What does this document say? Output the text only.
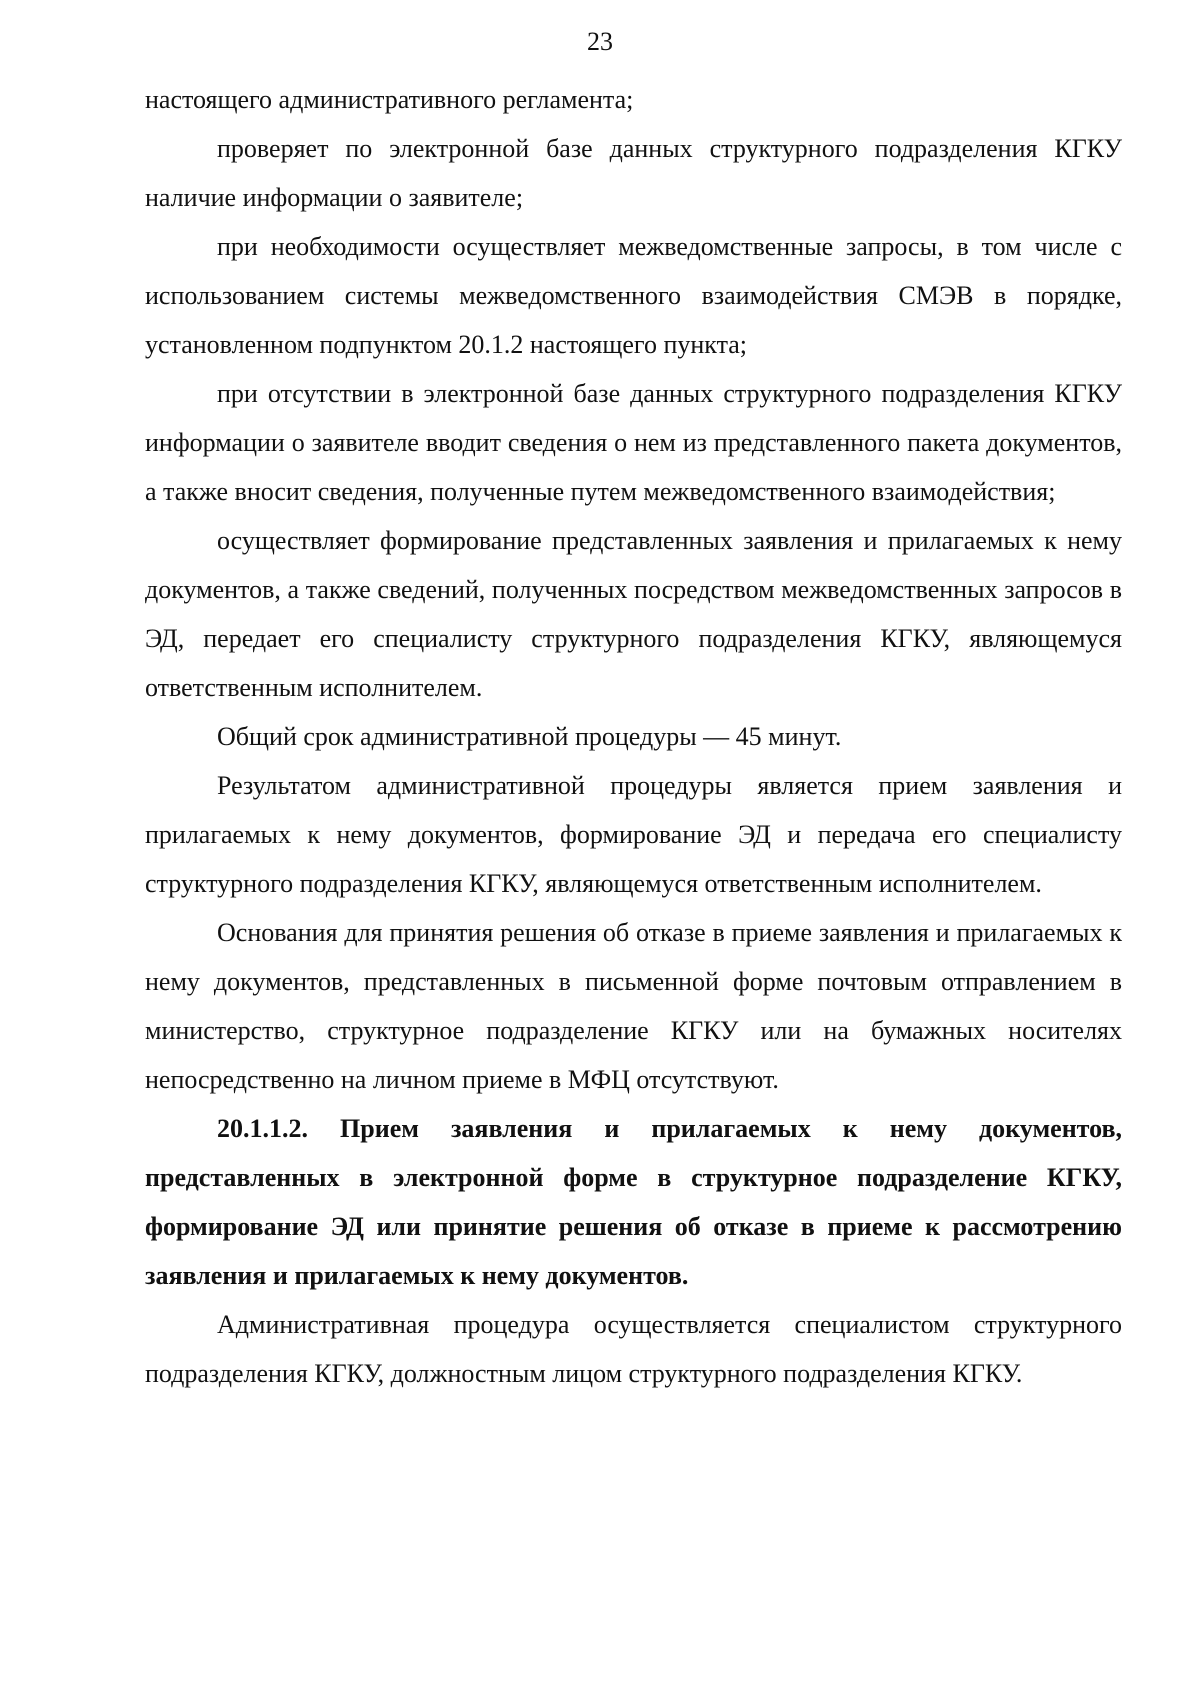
23

настоящего административного регламента;

проверяет по электронной базе данных структурного подразделения КГКУ наличие информации о заявителе;

при необходимости осуществляет межведомственные запросы, в том числе с использованием системы межведомственного взаимодействия СМЭВ в порядке, установленном подпунктом 20.1.2 настоящего пункта;

при отсутствии в электронной базе данных структурного подразделения КГКУ информации о заявителе вводит сведения о нем из представленного пакета документов, а также вносит сведения, полученные путем межведомственного взаимодействия;

осуществляет формирование представленных заявления и прилагаемых к нему документов, а также сведений, полученных посредством межведомственных запросов в ЭД, передает его специалисту структурного подразделения КГКУ, являющемуся ответственным исполнителем.

Общий срок административной процедуры — 45 минут.

Результатом административной процедуры является прием заявления и прилагаемых к нему документов, формирование ЭД и передача его специалисту структурного подразделения КГКУ, являющемуся ответственным исполнителем.

Основания для принятия решения об отказе в приеме заявления и прилагаемых к нему документов, представленных в письменной форме почтовым отправлением в министерство, структурное подразделение КГКУ или на бумажных носителях непосредственно на личном приеме в МФЦ отсутствуют.

20.1.1.2. Прием заявления и прилагаемых к нему документов, представленных в электронной форме в структурное подразделение КГКУ, формирование ЭД или принятие решения об отказе в приеме к рассмотрению заявления и прилагаемых к нему документов.

Административная процедура осуществляется специалистом структурного подразделения КГКУ, должностным лицом структурного подразделения КГКУ.
